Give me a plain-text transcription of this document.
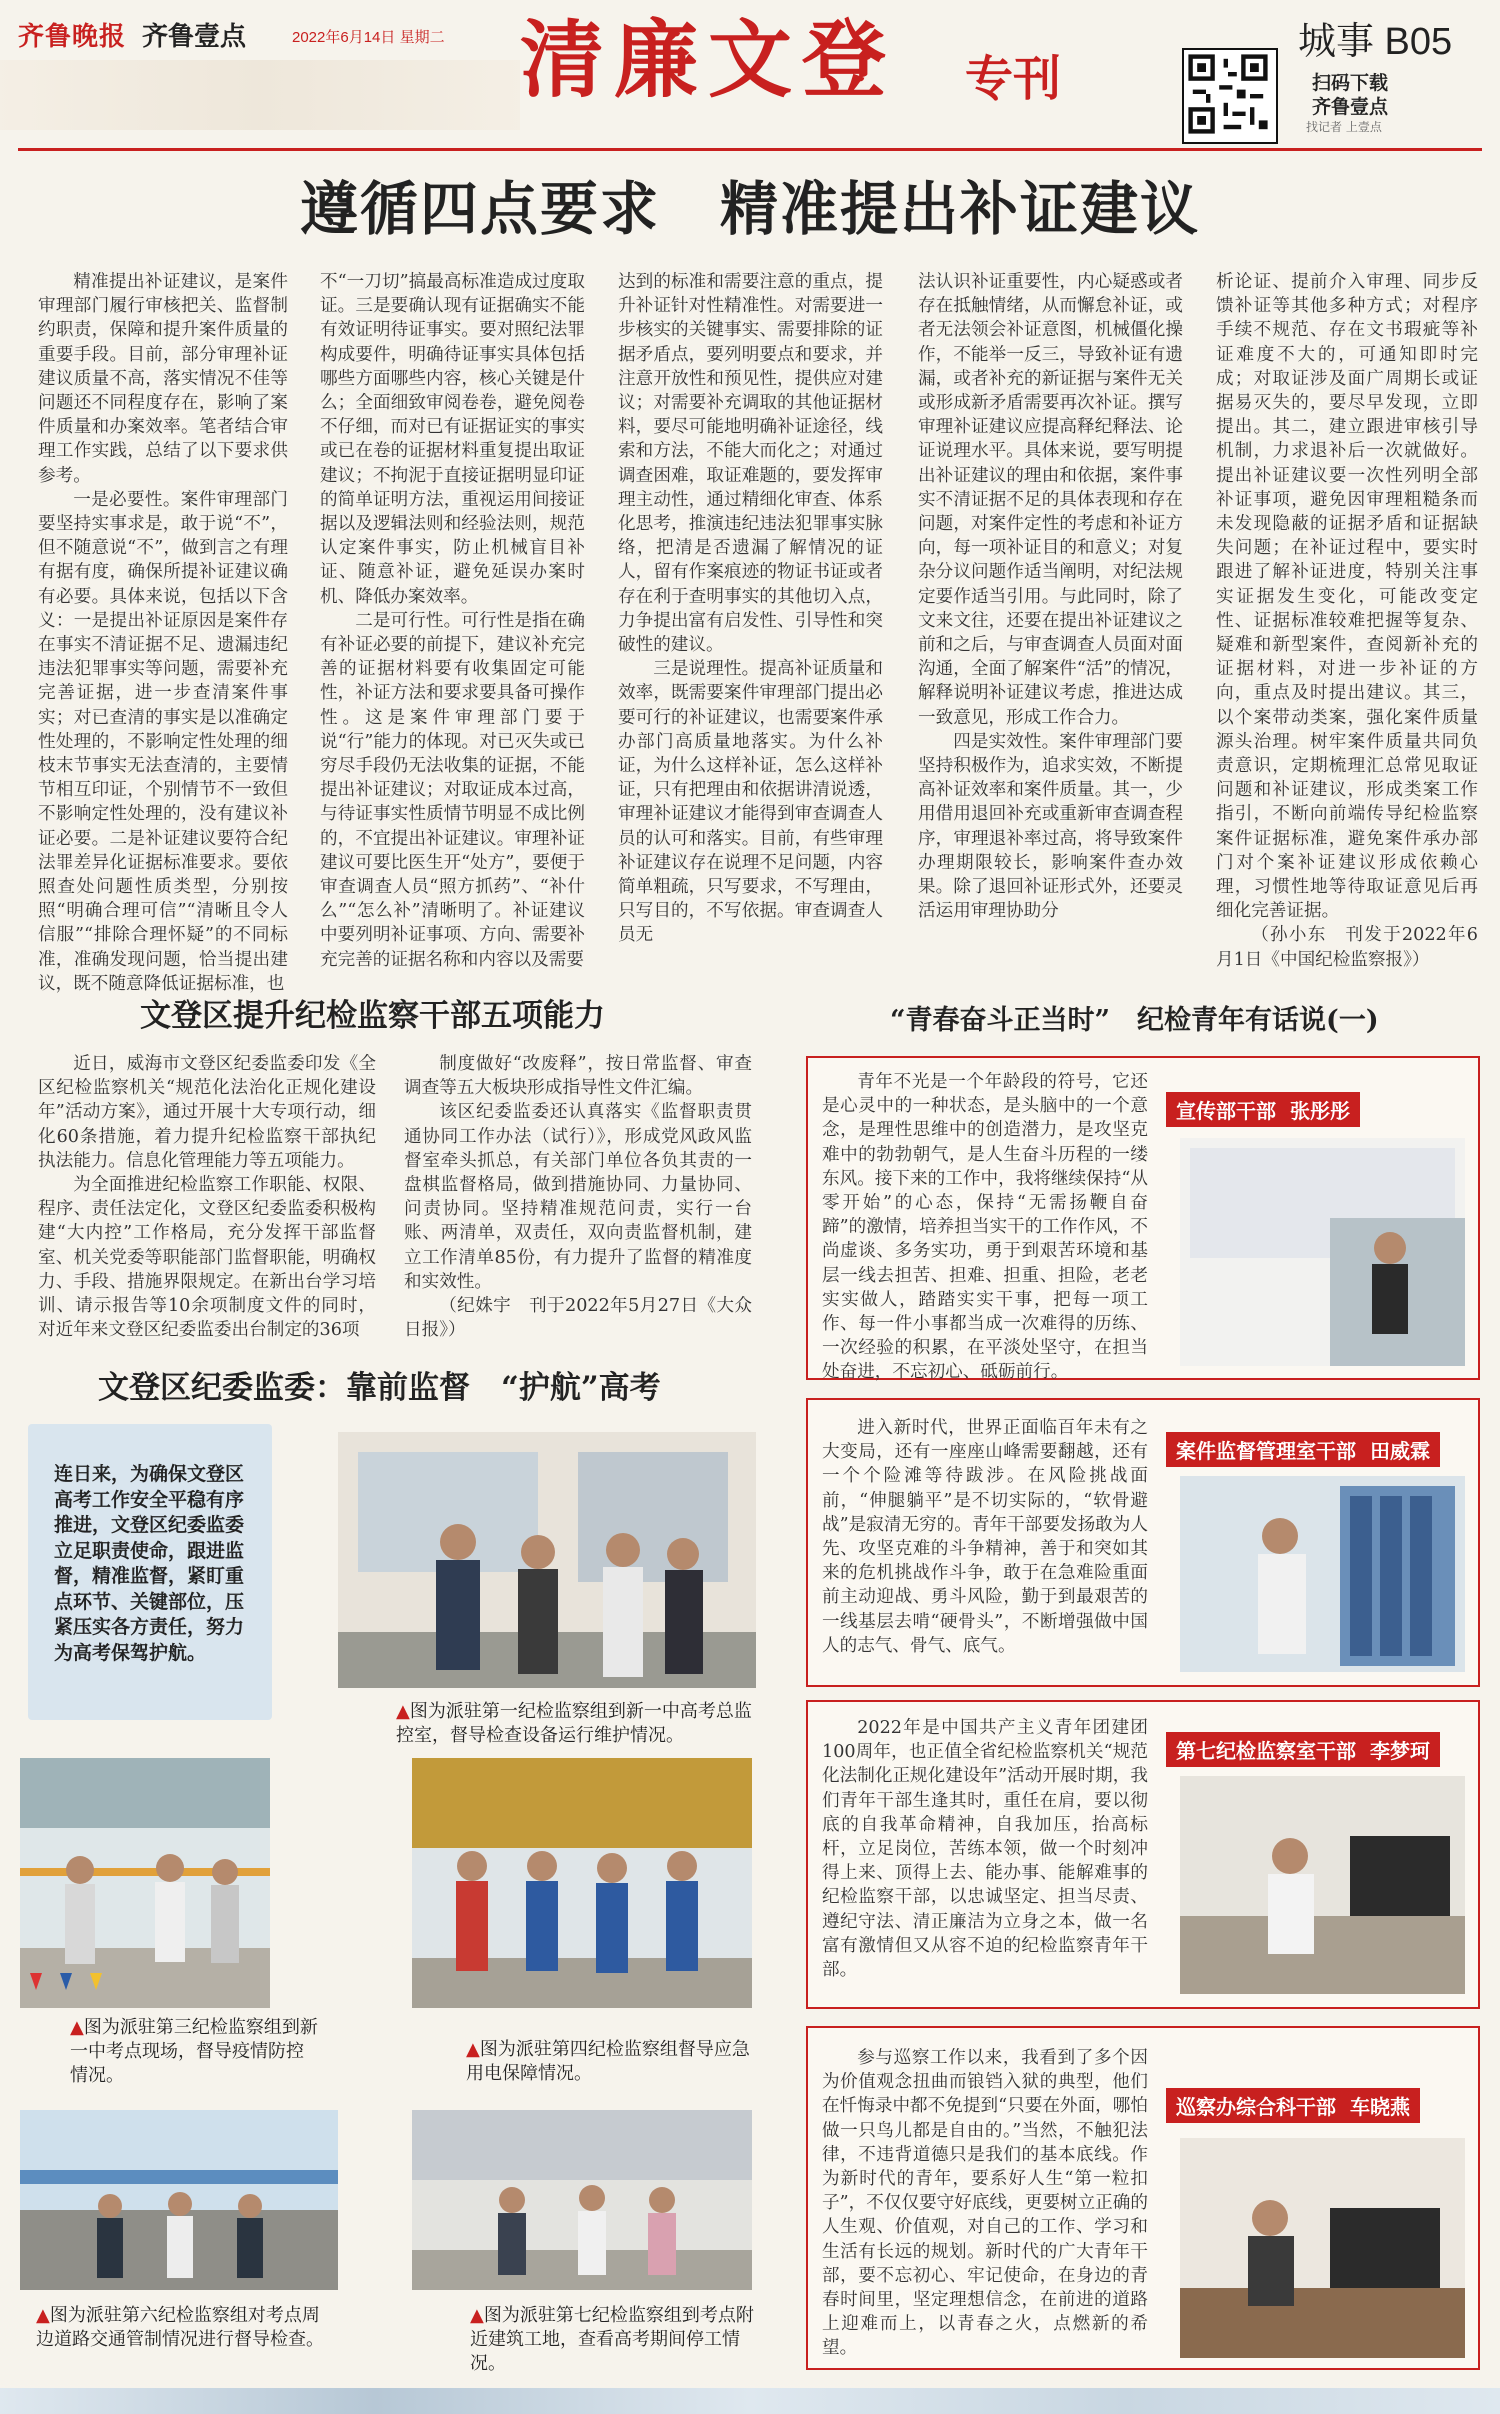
齐鲁晚报 齐鲁壹点	2022年6月14日 星期二 清廉文登 专刊
城事 B05
扫码下载
齐鲁壹点
找记者 上壹点
遵循四点要求　精准提出补证建议

精准提出补证建议，是案件审理部门履行审核把关、监督制约职责，保障和提升案件质量的重要手段。目前，部分审理补证建议质量不高，落实情况不佳等问题还不同程度存在，影响了案件质量和办案效率。笔者结合审理工作实践，总结了以下要求供参考。

一是必要性。案件审理部门要坚持实事求是，敢于说“不”，但不随意说“不”，做到言之有理有据有度，确保所提补证建议确有必要。具体来说，包括以下含义：一是提出补证原因是案件存在事实不清证据不足、遗漏违纪违法犯罪事实等问题，需要补充完善证据，进一步查清案件事实；对已查清的事实是以准确定性处理的，不影响定性处理的细枝末节事实无法查清的，主要情节相互印证，个别情节不一致但不影响定性处理的，没有建议补证必要。二是补证建议要符合纪法罪差异化证据标准要求。要依照查处问题性质类型，分别按照“明确合理可信”“清晰且令人信服”“排除合理怀疑”的不同标准，准确发现问题，恰当提出建议，既不随意降低证据标准，也

不“一刀切”搞最高标准造成过度取证。三是要确认现有证据确实不能有效证明待证事实。要对照纪法罪构成要件，明确待证事实具体包括哪些方面哪些内容，核心关键是什么；全面细致审阅卷卷，避免阅卷不仔细，而对已有证据证实的事实或已在卷的证据材料重复提出取证建议；不拘泥于直接证据明显印证的简单证明方法，重视运用间接证据以及逻辑法则和经验法则，规范认定案件事实，防止机械盲目补证、随意补证，避免延误办案时机、降低办案效率。

二是可行性。可行性是指在确有补证必要的前提下，建议补充完善的证据材料要有收集固定可能性，补证方法和要求要具备可操作性。这是案件审理部门要于说“行”能力的体现。对已灭失或已穷尽手段仍无法收集的证据，不能提出补证建议；对取证成本过高，与待证事实性质情节明显不成比例的，不宜提出补证建议。审理补证建议可要比医生开“处方”，要便于审查调查人员“照方抓药”、“补什么”“怎么补”清晰明了。补证建议中要列明补证事项、方向、需要补充完善的证据名称和内容以及需要

达到的标准和需要注意的重点，提升补证针对性精准性。对需要进一步核实的关键事实、需要排除的证据矛盾点，要列明要点和要求，并注意开放性和预见性，提供应对建议；对需要补充调取的其他证据材料，要尽可能地明确补证途径，线索和方法，不能大而化之；对通过调查困难，取证难题的，要发挥审理主动性，通过精细化审查、体系化思考，推演违纪违法犯罪事实脉络，把清是否遗漏了解情况的证人，留有作案痕迹的物证书证或者存在利于查明事实的其他切入点，力争提出富有启发性、引导性和突破性的建议。

三是说理性。提高补证质量和效率，既需要案件审理部门提出必要可行的补证建议，也需要案件承办部门高质量地落实。为什么补证，为什么这样补证，怎么这样补证，只有把理由和依据讲清说透，审理补证建议才能得到审查调查人员的认可和落实。目前，有些审理补证建议存在说理不足问题，内容简单粗疏，只写要求，不写理由，只写目的，不写依据。审查调查人员无

法认识补证重要性，内心疑惑或者存在抵触情绪，从而懈怠补证，或者无法领会补证意图，机械僵化操作，不能举一反三，导致补证有遗漏，或者补充的新证据与案件无关或形成新矛盾需要再次补证。撰写审理补证建议应提高释纪释法、论证说理水平。具体来说，要写明提出补证建议的理由和依据，案件事实不清证据不足的具体表现和存在问题，对案件定性的考虑和补证方向，每一项补证目的和意义；对复杂分议问题作适当阐明，对纪法规定要作适当引用。与此同时，除了文来文往，还要在提出补证建议之前和之后，与审查调查人员面对面沟通，全面了解案件“活”的情况，解释说明补证建议考虑，推进达成一致意见，形成工作合力。

四是实效性。案件审理部门要坚持积极作为，追求实效，不断提高补证效率和案件质量。其一，少用借用退回补充或重新审查调查程序，审理退补率过高，将导致案件办理期限较长，影响案件查办效果。除了退回补证形式外，还要灵活运用审理协助分

析论证、提前介入审理、同步反馈补证等其他多种方式；对程序手续不规范、存在文书瑕疵等补证难度不大的，可通知即时完成；对取证涉及面广周期长或证据易灭失的，要尽早发现，立即提出。其二，建立跟进审核引导机制，力求退补后一次就做好。提出补证建议要一次性列明全部补证事项，避免因审理粗糙条而未发现隐蔽的证据矛盾和证据缺失问题；在补证过程中，要实时跟进了解补证进度，特别关注事实证据发生变化，可能改变定性、证据标准较难把握等复杂、疑难和新型案件，查阅新补充的证据材料，对进一步补证的方向，重点及时提出建议。其三，以个案带动类案，强化案件质量源头治理。树牢案件质量共同负责意识，定期梳理汇总常见取证问题和补证建议，形成类案工作指引，不断向前端传导纪检监察案件证据标准，避免案件承办部门对个案补证建议形成依赖心理，习惯性地等待取证意见后再细化完善证据。

（孙小东　刊发于2022年6月1日《中国纪检监察报》）

文登区提升纪检监察干部五项能力

近日，威海市文登区纪委监委印发《全区纪检监察机关“规范化法治化正规化建设年”活动方案》，通过开展十大专项行动，细化60条措施，着力提升纪检监察干部执纪执法能力。信息化管理能力等五项能力。

为全面推进纪检监察工作职能、权限、程序、责任法定化，文登区纪委监委积极构建“大内控”工作格局，充分发挥干部监督室、机关党委等职能部门监督职能，明确权力、手段、措施界限规定。在新出台学习培训、请示报告等10余项制度文件的同时，对近年来文登区纪委监委出台制定的36项

制度做好“改废释”，按日常监督、审查调查等五大板块形成指导性文件汇编。

该区纪委监委还认真落实《监督职责贯通协同工作办法（试行）》，形成党风政风监督室牵头抓总，有关部门单位各负其责的一盘棋监督格局，做到措施协同、力量协同、问责协同。坚持精准规范问责，实行一台账、两清单，双责任，双向责监督机制，建立工作清单85份，有力提升了监督的精准度和实效性。

（纪姝宇　刊于2022年5月27日《大众日报》）

文登区纪委监委：靠前监督　“护航”高考
连日来，为确保文登区高考工作安全平稳有序推进，文登区纪委监委立足职责使命，跟进监督，精准监督，紧盯重点环节、关键部位，压紧压实各方责任，努力为高考保驾护航。
▲图为派驻第一纪检监察组到新一中高考总监控室，督导检查设备运行维护情况。
▲图为派驻第三纪检监察组到新一中考点现场，督导疫情防控情况。
▲图为派驻第四纪检监察组督导应急用电保障情况。
▲图为派驻第六纪检监察组对考点周边道路交通管制情况进行督导检查。
▲图为派驻第七纪检监察组到考点附近建筑工地，查看高考期间停工情况。
“青春奋斗正当时”　纪检青年有话说(一)
青年不光是一个年龄段的符号，它还是心灵中的一种状态，是头脑中的一个意念，是理性思维中的创造潜力，是攻坚克难中的勃勃朝气，是人生奋斗历程的一缕东风。接下来的工作中，我将继续保持“从零开始”的心态，保持“无需扬鞭自奋蹄”的激情，培养担当实干的工作作风，不尚虚谈、多务实功，勇于到艰苦环境和基层一线去担苦、担难、担重、担险，老老实实做人，踏踏实实干事，把每一项工作、每一件小事都当成一次难得的历练、一次经验的积累，在平淡处坚守，在担当处奋进，不忘初心、砥砺前行。
宣传部干部 张彤彤
进入新时代，世界正面临百年未有之大变局，还有一座座山峰需要翻越，还有一个个险滩等待跋涉。在风险挑战面前，“伸腿躺平”是不切实际的，“软骨避战”是寂清无穷的。青年干部要发扬敢为人先、攻坚克难的斗争精神，善于和突如其来的危机挑战作斗争，敢于在急难险重面前主动迎战、勇斗风险，勤于到最艰苦的一线基层去啃“硬骨头”，不断增强做中国人的志气、骨气、底气。
案件监督管理室干部 田威霖
2022年是中国共产主义青年团建团100周年，也正值全省纪检监察机关“规范化法制化正规化建设年”活动开展时期，我们青年干部生逢其时，重任在肩，要以彻底的自我革命精神，自我加压，抬高标杆，立足岗位，苦练本领，做一个时刻冲得上来、顶得上去、能办事、能解难事的纪检监察干部，以忠诚坚定、担当尽责、遵纪守法、清正廉洁为立身之本，做一名富有激情但又从容不迫的纪检监察青年干部。
第七纪检监察室干部 李梦珂
参与巡察工作以来，我看到了多个因为价值观念扭曲而锒铛入狱的典型，他们在忏悔录中都不免提到“只要在外面，哪怕做一只鸟儿都是自由的。”当然，不触犯法律，不违背道德只是我们的基本底线。作为新时代的青年，要系好人生“第一粒扣子”，不仅仅要守好底线，更要树立正确的人生观、价值观，对自己的工作、学习和生活有长远的规划。新时代的广大青年干部，要不忘初心、牢记使命，在身边的青春时间里，坚定理想信念，在前进的道路上迎难而上，以青春之火，点燃新的希望。
巡察办综合科干部 车晓燕
